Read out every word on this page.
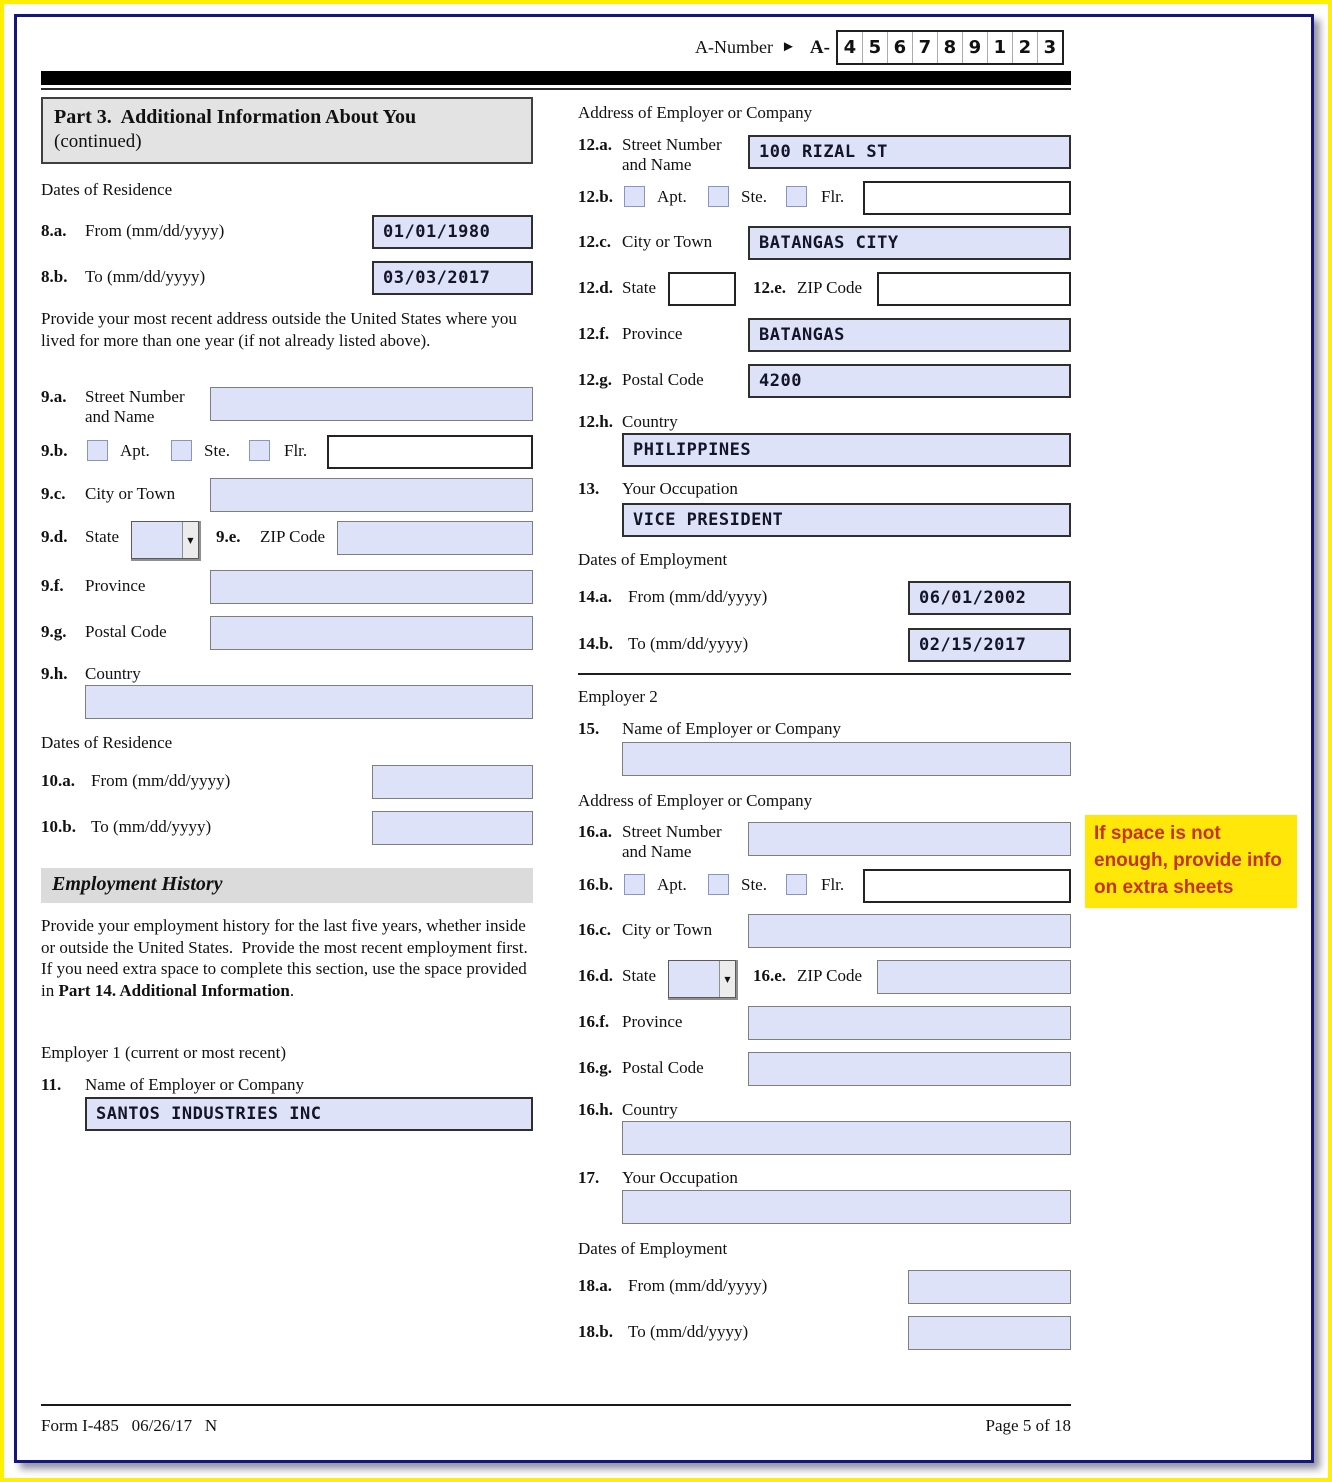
A-Number ► A- 4 5 6 7 8 9 1 2 3
Part 3.  Additional Information About You
(continued)
Dates of Residence
8.a. From (mm/dd/yyyy)	01/01/1980
8.b. To (mm/dd/yyyy)	03/03/2017
Provide your most recent address outside the United States where you lived for more than one year (if not already listed above).
9.a. Street Number and Name
9.b.	Apt.	Ste.	Flr.
9.c. City or Town
9.d. State	▼ 9.e. ZIP Code
9.f. Province
9.g. Postal Code
9.h. Country
Dates of Residence
10.a. From (mm/dd/yyyy)
10.b. To (mm/dd/yyyy)
Employment History
Provide your employment history for the last five years, whether inside or outside the United States.  Provide the most recent employment first.  If you need extra space to complete this section, use the space provided in Part 14. Additional Information.
Employer 1 (current or most recent)
11. Name of Employer or Company
SANTOS INDUSTRIES INC
Address of Employer or Company
12.a. Street Number and Name
100 RIZAL ST
12.b.	Apt.	Ste.	Flr.
12.c. City or Town	BATANGAS CITY
12.d. State	12.e. ZIP Code
12.f. Province	BATANGAS
12.g. Postal Code	4200
12.h. Country
PHILIPPINES
13. Your Occupation
VICE PRESIDENT
Dates of Employment
14.a. From (mm/dd/yyyy)	06/01/2002
14.b. To (mm/dd/yyyy)	02/15/2017
Employer 2
15. Name of Employer or Company
Address of Employer or Company
16.a. Street Number and Name
16.b.	Apt.	Ste.	Flr.
16.c. City or Town
16.d. State	▼ 16.e. ZIP Code
16.f. Province
16.g. Postal Code
16.h. Country
17. Your Occupation
Dates of Employment
18.a. From (mm/dd/yyyy)
18.b. To (mm/dd/yyyy)
If space is not enough, provide info on extra sheets
Form I-485   06/26/17   N	Page 5 of 18
